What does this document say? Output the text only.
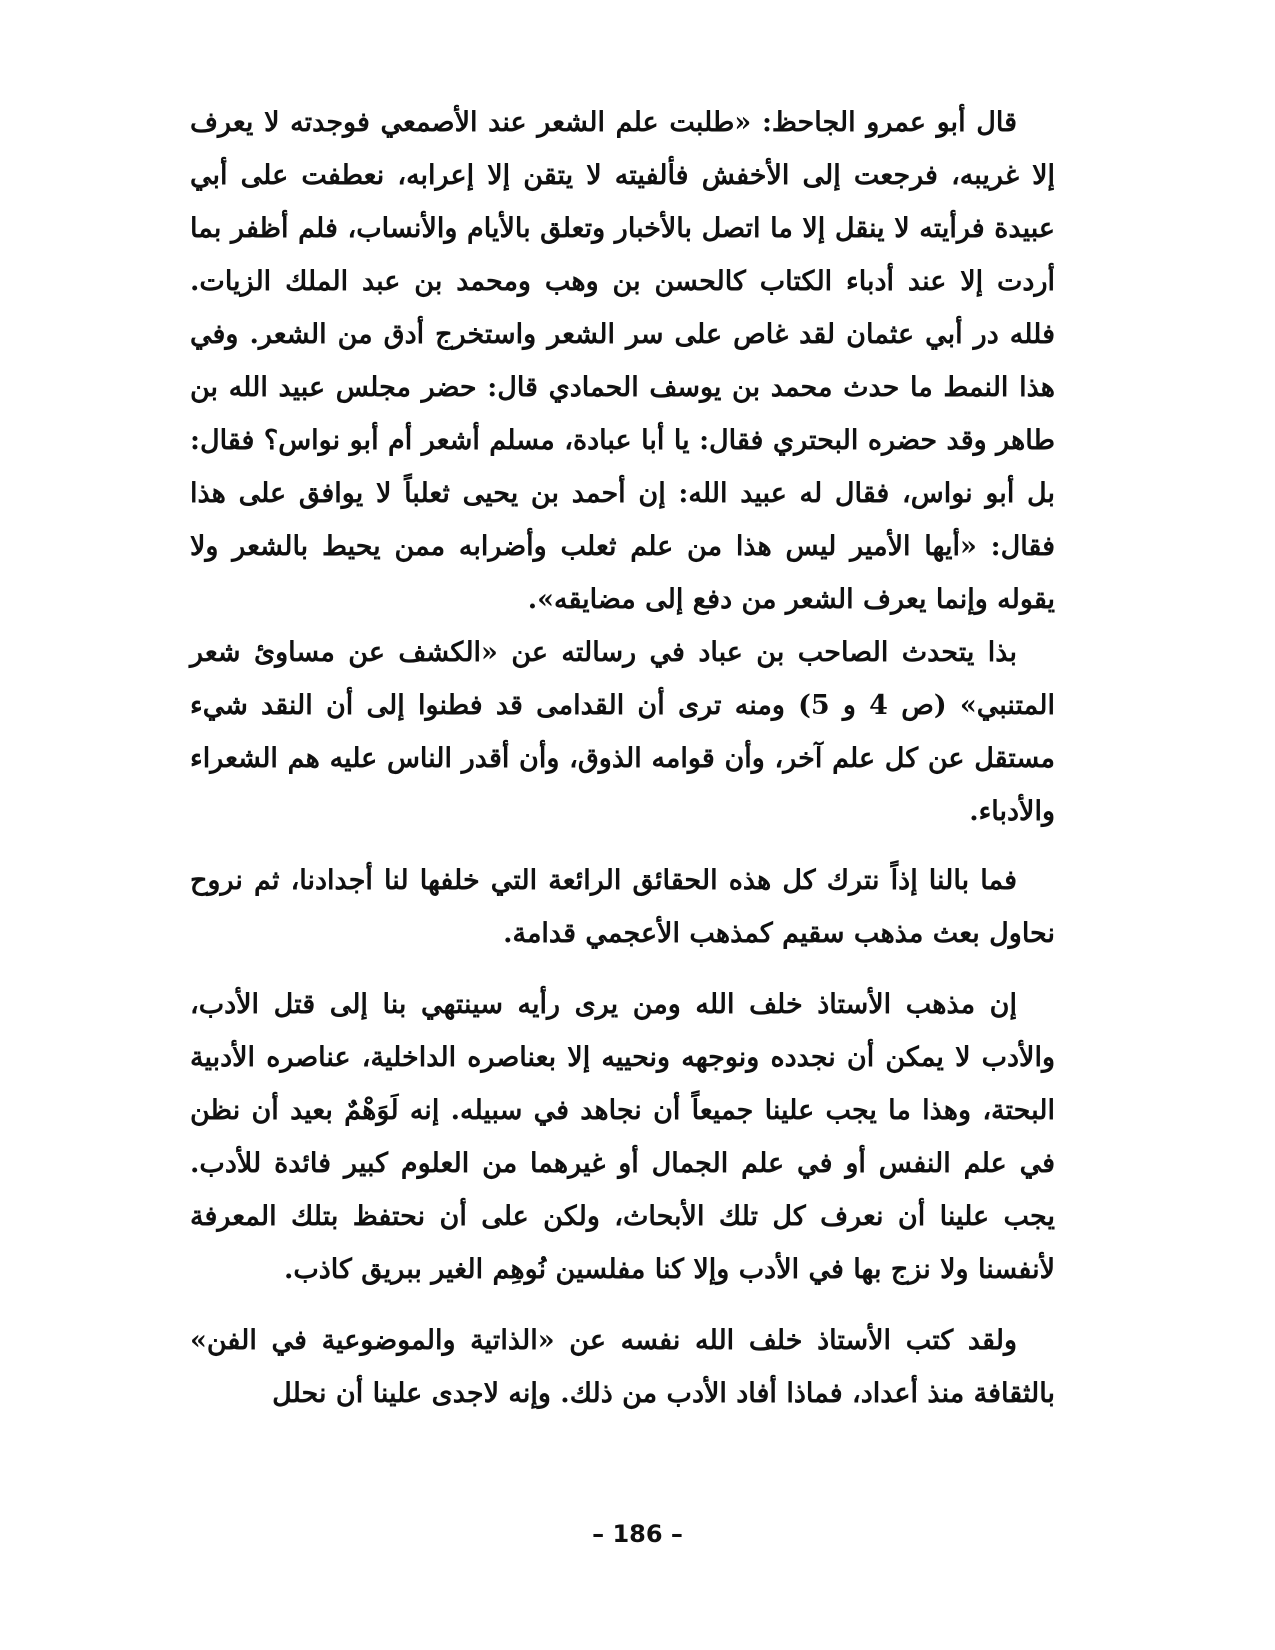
قال أبو عمرو الجاحظ: «طلبت علم الشعر عند الأصمعي فوجدته لا يعرف إلا غريبه، فرجعت إلى الأخفش فألفيته لا يتقن إلا إعرابه، نعطفت على أبي عبيدة فرأيته لا ينقل إلا ما اتصل بالأخبار وتعلق بالأيام والأنساب، فلم أظفر بما أردت إلا عند أدباء الكتاب كالحسن بن وهب ومحمد بن عبد الملك الزيات. فلله در أبي عثمان لقد غاص على سر الشعر واستخرج أدق من الشعر. وفي هذا النمط ما حدث محمد بن يوسف الحمادي قال: حضر مجلس عبيد الله بن طاهر وقد حضره البحتري فقال: يا أبا عبادة، مسلم أشعر أم أبو نواس؟ فقال: بل أبو نواس، فقال له عبيد الله: إن أحمد بن يحيى ثعلباً لا يوافق على هذا فقال: «أيها الأمير ليس هذا من علم ثعلب وأضرابه ممن يحيط بالشعر ولا يقوله وإنما يعرف الشعر من دفع إلى مضايقه».

بذا يتحدث الصاحب بن عباد في رسالته عن «الكشف عن مساوئ شعر المتنبي» (ص 4 و 5) ومنه ترى أن القدامى قد فطنوا إلى أن النقد شيء مستقل عن كل علم آخر، وأن قوامه الذوق، وأن أقدر الناس عليه هم الشعراء والأدباء.

فما بالنا إذاً نترك كل هذه الحقائق الرائعة التي خلفها لنا أجدادنا، ثم نروح نحاول بعث مذهب سقيم كمذهب الأعجمي قدامة.

إن مذهب الأستاذ خلف الله ومن يرى رأيه سينتهي بنا إلى قتل الأدب، والأدب لا يمكن أن نجدده ونوجهه ونحييه إلا بعناصره الداخلية، عناصره الأدبية البحتة، وهذا ما يجب علينا جميعاً أن نجاهد في سبيله. إنه لَوَهْمٌ بعيد أن نظن في علم النفس أو في علم الجمال أو غيرهما من العلوم كبير فائدة للأدب. يجب علينا أن نعرف كل تلك الأبحاث، ولكن على أن نحتفظ بتلك المعرفة لأنفسنا ولا نزج بها في الأدب وإلا كنا مفلسين نُوهِم الغير ببريق كاذب.

ولقد كتب الأستاذ خلف الله نفسه عن «الذاتية والموضوعية في الفن» بالثقافة منذ أعداد، فماذا أفاد الأدب من ذلك. وإنه لاجدى علينا أن نحلل

– 186 –
